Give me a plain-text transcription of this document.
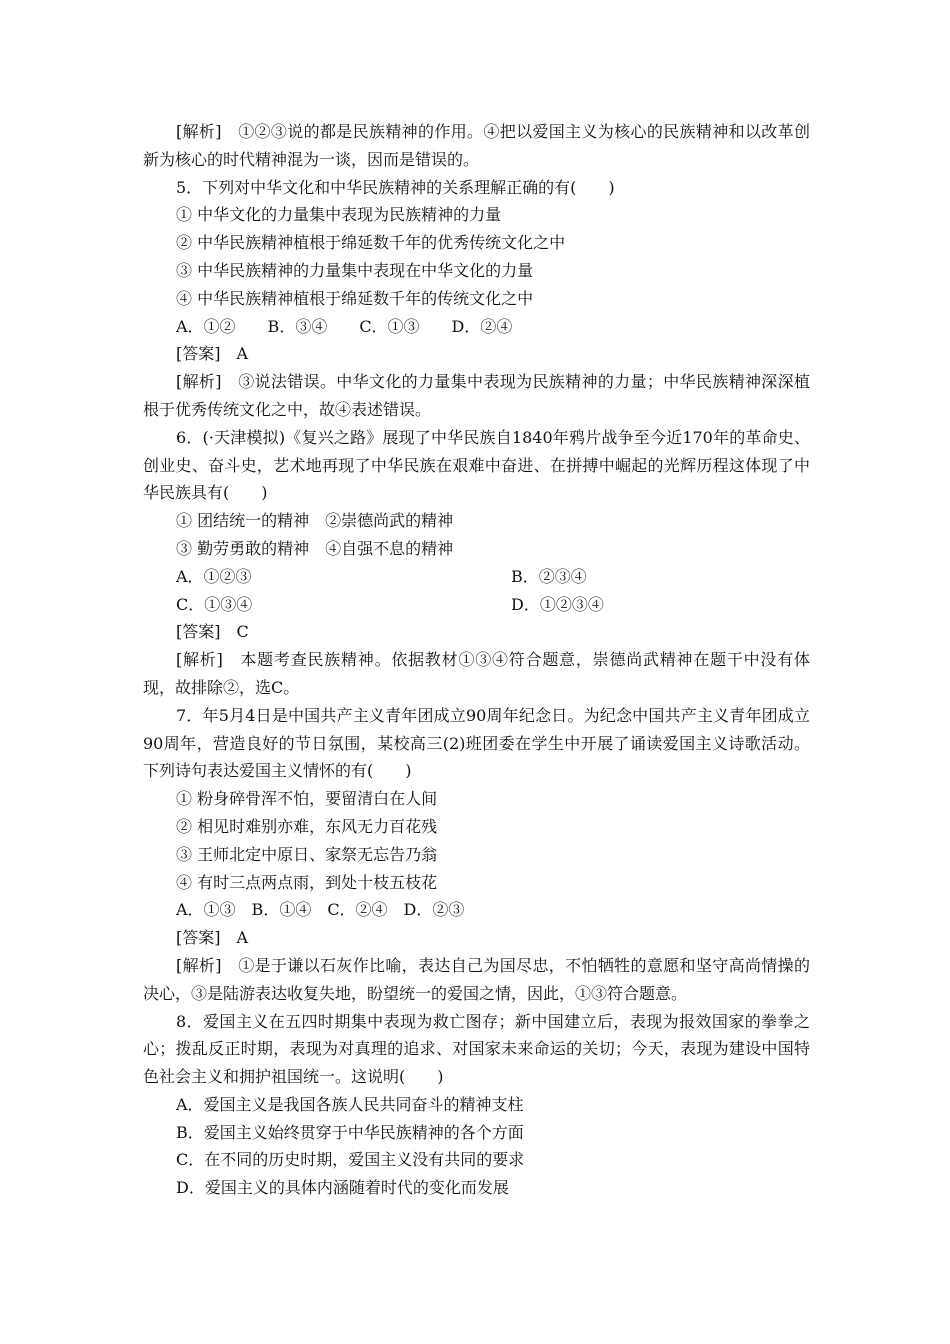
[解析]　①②③说的都是民族精神的作用。④把以爱国主义为核心的民族精神和以改革创新为核心的时代精神混为一谈，因而是错误的。
5．下列对中华文化和中华民族精神的关系理解正确的有(　　)
① 中华文化的力量集中表现为民族精神的力量
② 中华民族精神植根于绵延数千年的优秀传统文化之中
③ 中华民族精神的力量集中表现在中华文化的力量
④ 中华民族精神植根于绵延数千年的传统文化之中
A．①②　　B．③④　　C．①③　　D．②④
[答案]　A
[解析]　③说法错误。中华文化的力量集中表现为民族精神的力量；中华民族精神深深植根于优秀传统文化之中，故④表述错误。
6．(·天津模拟)《复兴之路》展现了中华民族自1840年鸦片战争至今近170年的革命史、创业史、奋斗史，艺术地再现了中华民族在艰难中奋进、在拼搏中崛起的光辉历程这体现了中华民族具有(　　)
① 团结统一的精神　②崇德尚武的精神
③ 勤劳勇敢的精神　④自强不息的精神
A．①②③	B．②③④
C．①③④	D．①②③④
[答案]　C
[解析]　本题考查民族精神。依据教材①③④符合题意，崇德尚武精神在题干中没有体现，故排除②，选C。
7．年5月4日是中国共产主义青年团成立90周年纪念日。为纪念中国共产主义青年团成立90周年，营造良好的节日氛围，某校高三(2)班团委在学生中开展了诵读爱国主义诗歌活动。下列诗句表达爱国主义情怀的有(　　)
① 粉身碎骨浑不怕，要留清白在人间
② 相见时难别亦难，东风无力百花残
③ 王师北定中原日、家祭无忘告乃翁
④ 有时三点两点雨，到处十枝五枝花
A．①③　B．①④　C．②④　D．②③
[答案]　A
[解析]　①是于谦以石灰作比喻，表达自己为国尽忠，不怕牺牲的意愿和坚守高尚情操的决心，③是陆游表达收复失地，盼望统一的爱国之情，因此，①③符合题意。
8．爱国主义在五四时期集中表现为救亡图存；新中国建立后，表现为报效国家的拳拳之心；拨乱反正时期，表现为对真理的追求、对国家未来命运的关切；今天，表现为建设中国特色社会主义和拥护祖国统一。这说明(　　)
A．爱国主义是我国各族人民共同奋斗的精神支柱
B．爱国主义始终贯穿于中华民族精神的各个方面
C．在不同的历史时期，爱国主义没有共同的要求
D．爱国主义的具体内涵随着时代的变化而发展
